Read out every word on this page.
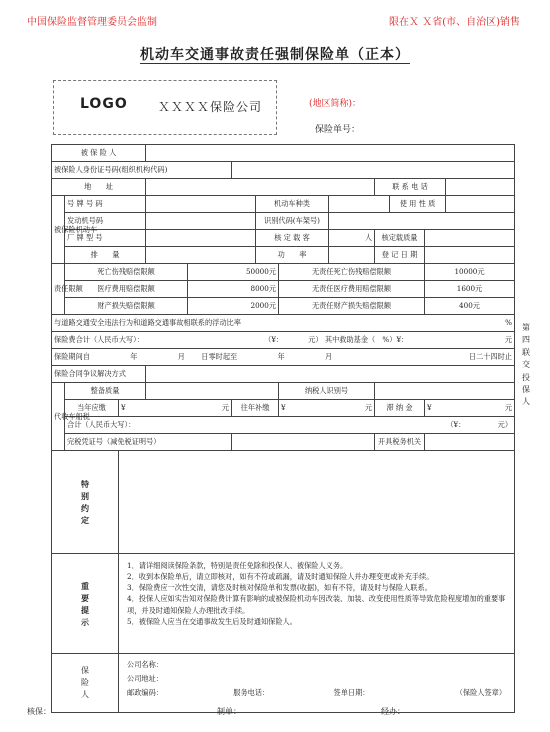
中国保险监督管理委员会监制	限在Ｘ Ｘ省(市、自治区)销售
机动车交通事故责任强制保险单（正本）
LOGO	ＸＸＸＸ保险公司	(地区简称)：
保险单号：
被 保 险 人													
被保险人身份证号码(组织机构代码)													
地　　址									联 系 电 话				
被保险机动车	号 牌 号 码					机动车种类				使 用 性 质			
	发动机号码					识别代码(车架号)							
	厂 牌 型 号					核 定 载 客		人	核定载质量		
	排　　量					功　　率			登 记 日 期				
责任限额	死亡伤残赔偿限额			50000元			无责任死亡伤残赔偿限额				10000元		
	医疗费用赔偿限额			8000元			无责任医疗费用赔偿限额				1600元		
	财产损失赔偿限额			2000元			无责任财产损失赔偿限额				400元		
与道路交通安全违法行为和道路交通事故相联系的浮动比率 %													

保险费合计（人民币大写）： （¥：　　　　元） 其中救助基金（　%）¥： 元													

保险期间自 年 月 日零时起至 年 月 日二十四时止													

保险合同争议解决方式													
代收车船税	整备质量						纳税人识别号						
	当年应缴	¥ 元			往年补缴		¥ 元		滞 纳 金		¥ 元		

	合计（人民币大写）： （¥：　　　　　元）												

	完税凭证号（减免税证明号）								开具税务机关				

特别约定													

重要提示		1．请详细阅读保险条款，特别是责任免除和投保人、被保险人义务。
2．收到本保险单后，请立即核对，如有不符或疏漏，请及时通知保险人并办理变更或补充手续。
3．保险费应一次性交清，请您及时核对保险单和发票(收据)，如有不符，请及时与保险人联系。
4．投保人应如实告知对保险费计算有影响的或被保险机动车因改装、加装、改变使用性质等导致危险程度增加的重要事项，并及时通知保险人办理批改手续。
5．被保险人应当在交通事故发生后及时通知保险人。											

保险人		公司名称：
公司地址：
邮政编码： 服务电话： 签单日期： （保险人签章）											
第四联　交投保人
核保：	制单：	经办：
